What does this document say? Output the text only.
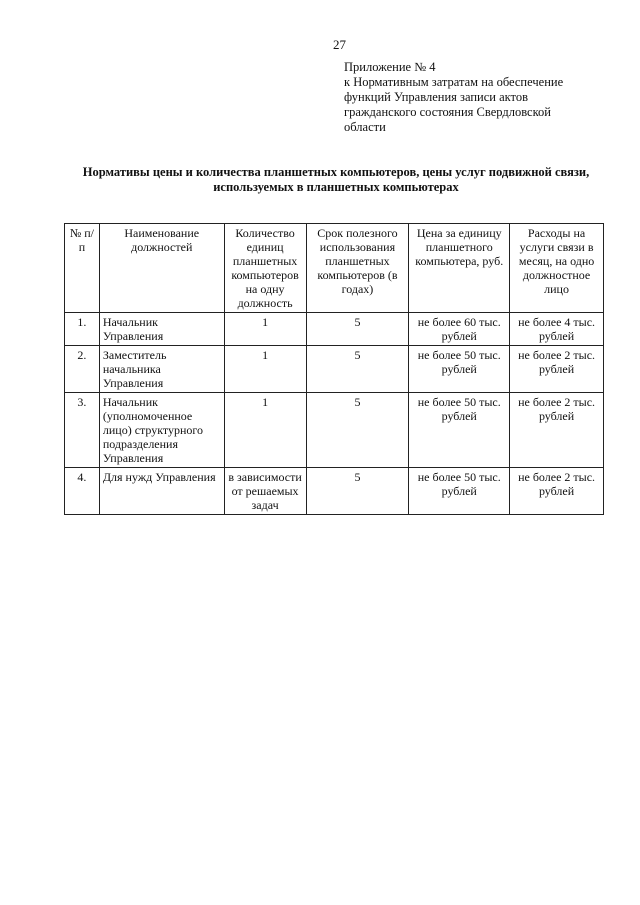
27
Приложение № 4
к Нормативным затратам на обеспечение
функций Управления записи актов
гражданского состояния Свердловской
области
Нормативы цены и количества планшетных компьютеров, цены услуг подвижной связи,
используемых в планшетных компьютерах
№ п/п	Наименование должностей	Количество единиц планшетных компьютеров на одну должность	Срок полезного использования планшетных компьютеров (в годах)	Цена за единицу планшетного компьютера, руб.	Расходы на услуги связи в месяц, на одно должностное лицо
1.	Начальник Управления	1	5	не более 60 тыс. рублей	не более 4 тыс. рублей
2.	Заместитель начальника Управления	1	5	не более 50 тыс. рублей	не более 2 тыс. рублей
3.	Начальник (уполномоченное лицо) структурного подразделения Управления	1	5	не более 50 тыс. рублей	не более 2 тыс. рублей
4.	Для нужд Управления	в зависимости от решаемых задач	5	не более 50 тыс. рублей	не более 2 тыс. рублей
